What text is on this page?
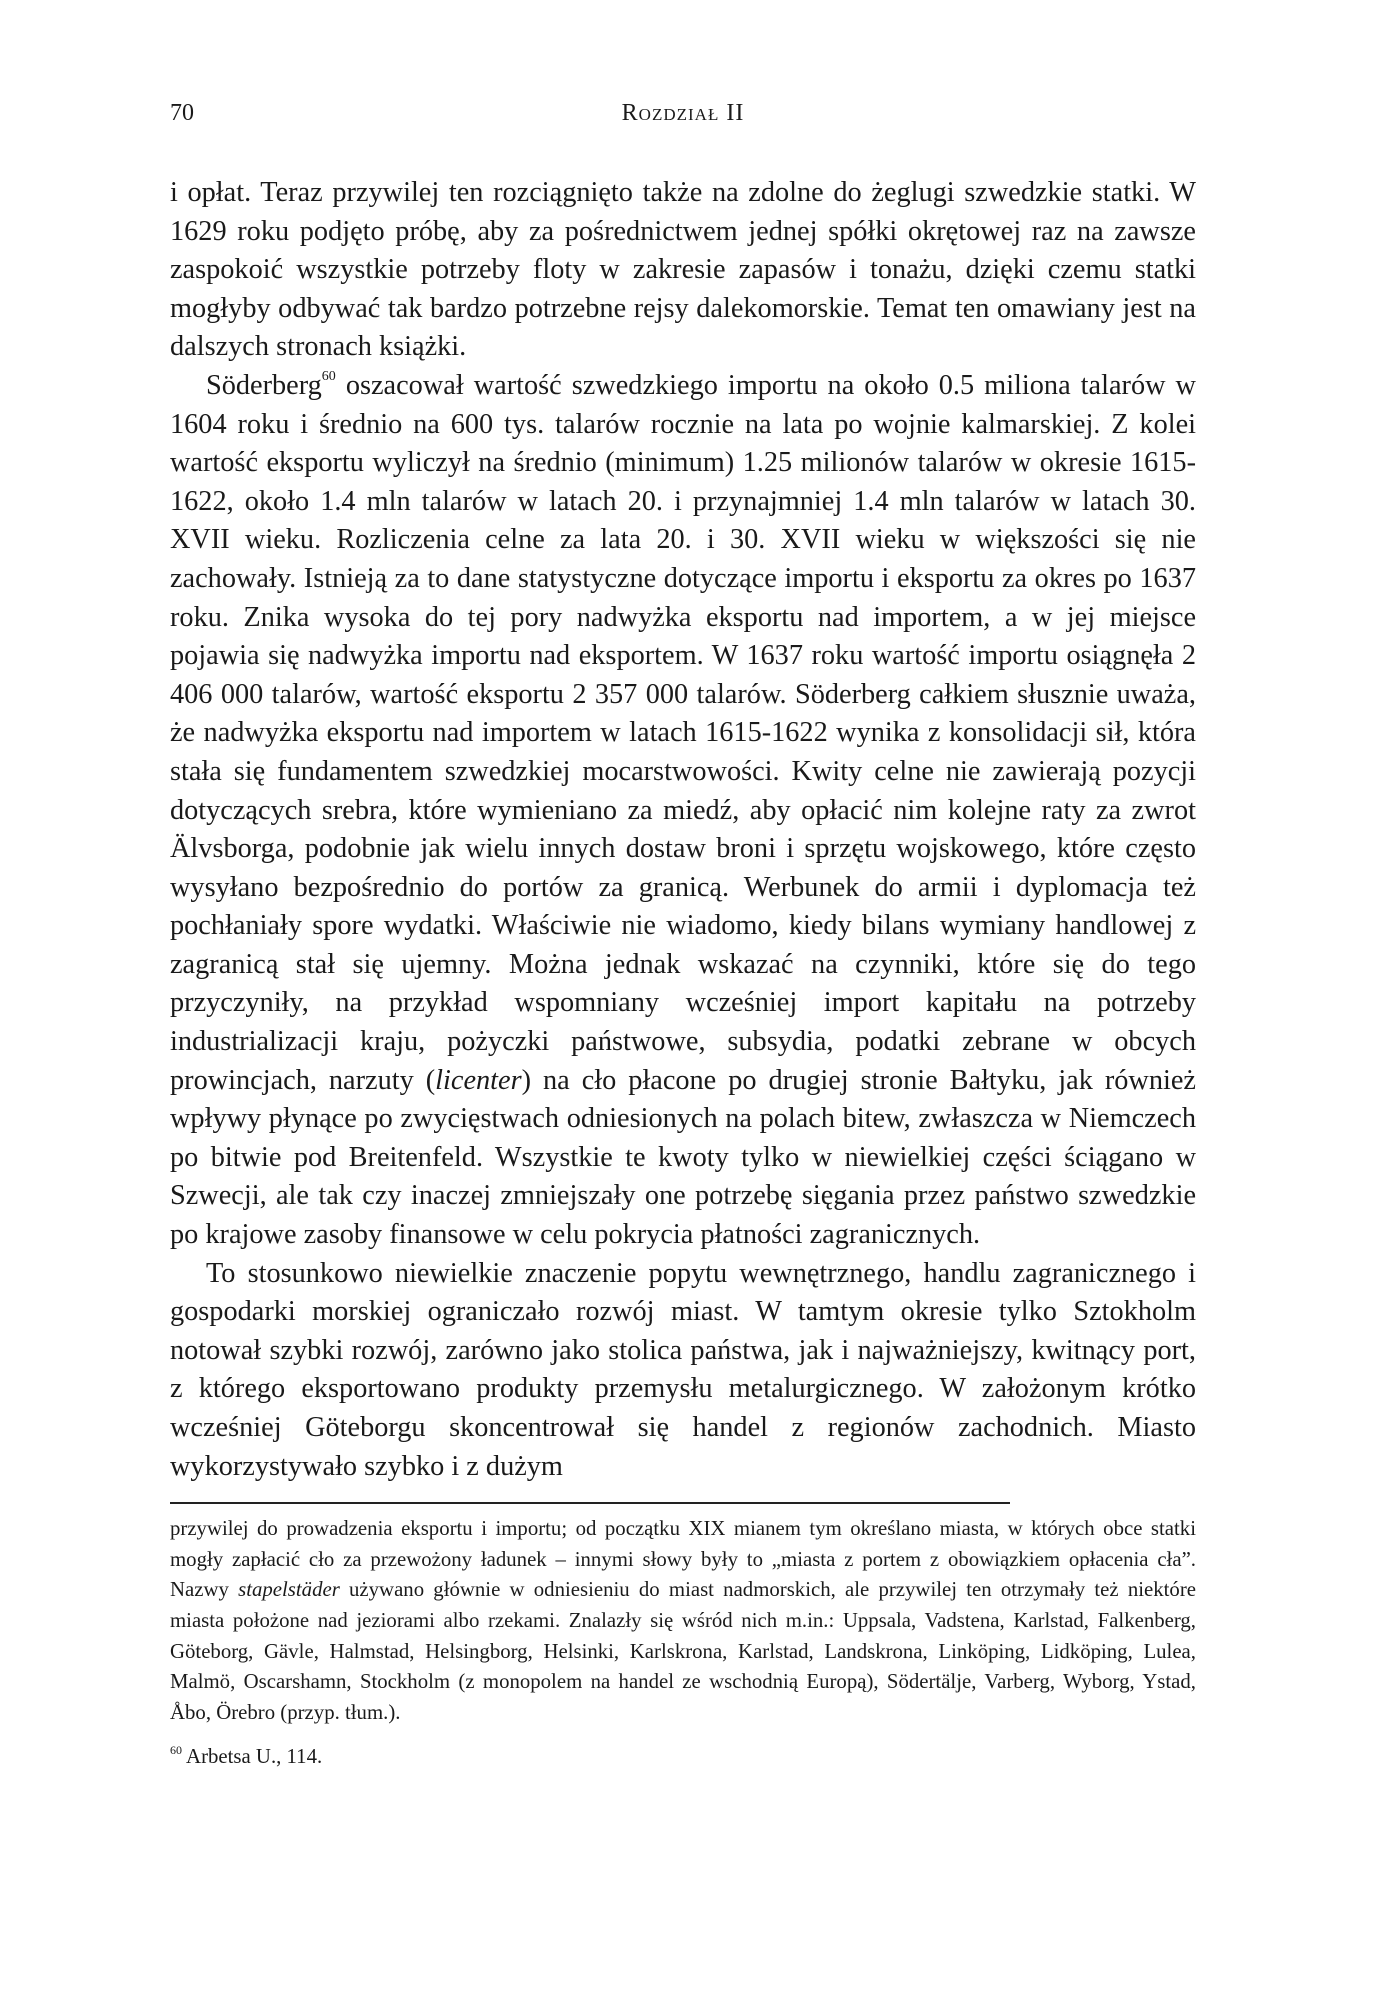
70	Rozdział II

i opłat. Teraz przywilej ten rozciągnięto także na zdolne do żeglugi szwedzkie statki. W 1629 roku podjęto próbę, aby za pośrednictwem jednej spółki okrętowej raz na zawsze zaspokoić wszystkie potrzeby floty w zakresie zapasów i tonażu, dzięki czemu statki mogłyby odbywać tak bardzo potrzebne rejsy dalekomorskie. Temat ten omawiany jest na dalszych stronach książki.

Söderberg$^{60}$ oszacował wartość szwedzkiego importu na około 0.5 miliona talarów w 1604 roku i średnio na 600 tys. talarów rocznie na lata po wojnie kalmarskiej. Z kolei wartość eksportu wyliczył na średnio (minimum) 1.25 milionów talarów w okresie 1615-1622, około 1.4 mln talarów w latach 20. i przynajmniej 1.4 mln talarów w latach 30. XVII wieku. Rozliczenia celne za lata 20. i 30. XVII wieku w większości się nie zachowały. Istnieją za to dane statystyczne dotyczące importu i eksportu za okres po 1637 roku. Znika wysoka do tej pory nadwyżka eksportu nad importem, a w jej miejsce pojawia się nadwyżka importu nad eksportem. W 1637 roku wartość importu osiągnęła 2 406 000 talarów, wartość eksportu 2 357 000 talarów. Söderberg całkiem słusznie uważa, że nadwyżka eksportu nad importem w latach 1615-1622 wynika z konsolidacji sił, która stała się fundamentem szwedzkiej mocarstwowości. Kwity celne nie zawierają pozycji dotyczących srebra, które wymieniano za miedź, aby opłacić nim kolejne raty za zwrot Älvsborga, podobnie jak wielu innych dostaw broni i sprzętu wojskowego, które często wysyłano bezpośrednio do portów za granicą. Werbunek do armii i dyplomacja też pochłaniały spore wydatki. Właściwie nie wiadomo, kiedy bilans wymiany handlowej z zagranicą stał się ujemny. Można jednak wskazać na czynniki, które się do tego przyczyniły, na przykład wspomniany wcześniej import kapitału na potrzeby industrializacji kraju, pożyczki państwowe, subsydia, podatki zebrane w obcych prowincjach, narzuty (licenter) na cło płacone po drugiej stronie Bałtyku, jak również wpływy płynące po zwycięstwach odniesionych na polach bitew, zwłaszcza w Niemczech po bitwie pod Breitenfeld. Wszystkie te kwoty tylko w niewielkiej części ściągano w Szwecji, ale tak czy inaczej zmniejszały one potrzebę sięgania przez państwo szwedzkie po krajowe zasoby finansowe w celu pokrycia płatności zagranicznych.

To stosunkowo niewielkie znaczenie popytu wewnętrznego, handlu zagranicznego i gospodarki morskiej ograniczało rozwój miast. W tamtym okresie tylko Sztokholm notował szybki rozwój, zarówno jako stolica państwa, jak i najważniejszy, kwitnący port, z którego eksportowano produkty przemysłu metalurgicznego. W założonym krótko wcześniej Göteborgu skoncentrował się handel z regionów zachodnich. Miasto wykorzystywało szybko i z dużym

przywilej do prowadzenia eksportu i importu; od początku XIX mianem tym określano miasta, w których obce statki mogły zapłacić cło za przewożony ładunek – innymi słowy były to „miasta z portem z obowiązkiem opłacenia cła”. Nazwy stapelstäder używano głównie w odniesieniu do miast nadmorskich, ale przywilej ten otrzymały też niektóre miasta położone nad jeziorami albo rzekami. Znalazły się wśród nich m.in.: Uppsala, Vadstena, Karlstad, Falkenberg, Göteborg, Gävle, Halmstad, Helsingborg, Helsinki, Karlskrona, Karlstad, Landskrona, Linköping, Lidköping, Lulea, Malmö, Oscarshamn, Stockholm (z monopolem na handel ze wschodnią Europą), Södertälje, Varberg, Wyborg, Ystad, Åbo, Örebro (przyp. tłum.).

$^{60}$ Arbetsa U., 114.
